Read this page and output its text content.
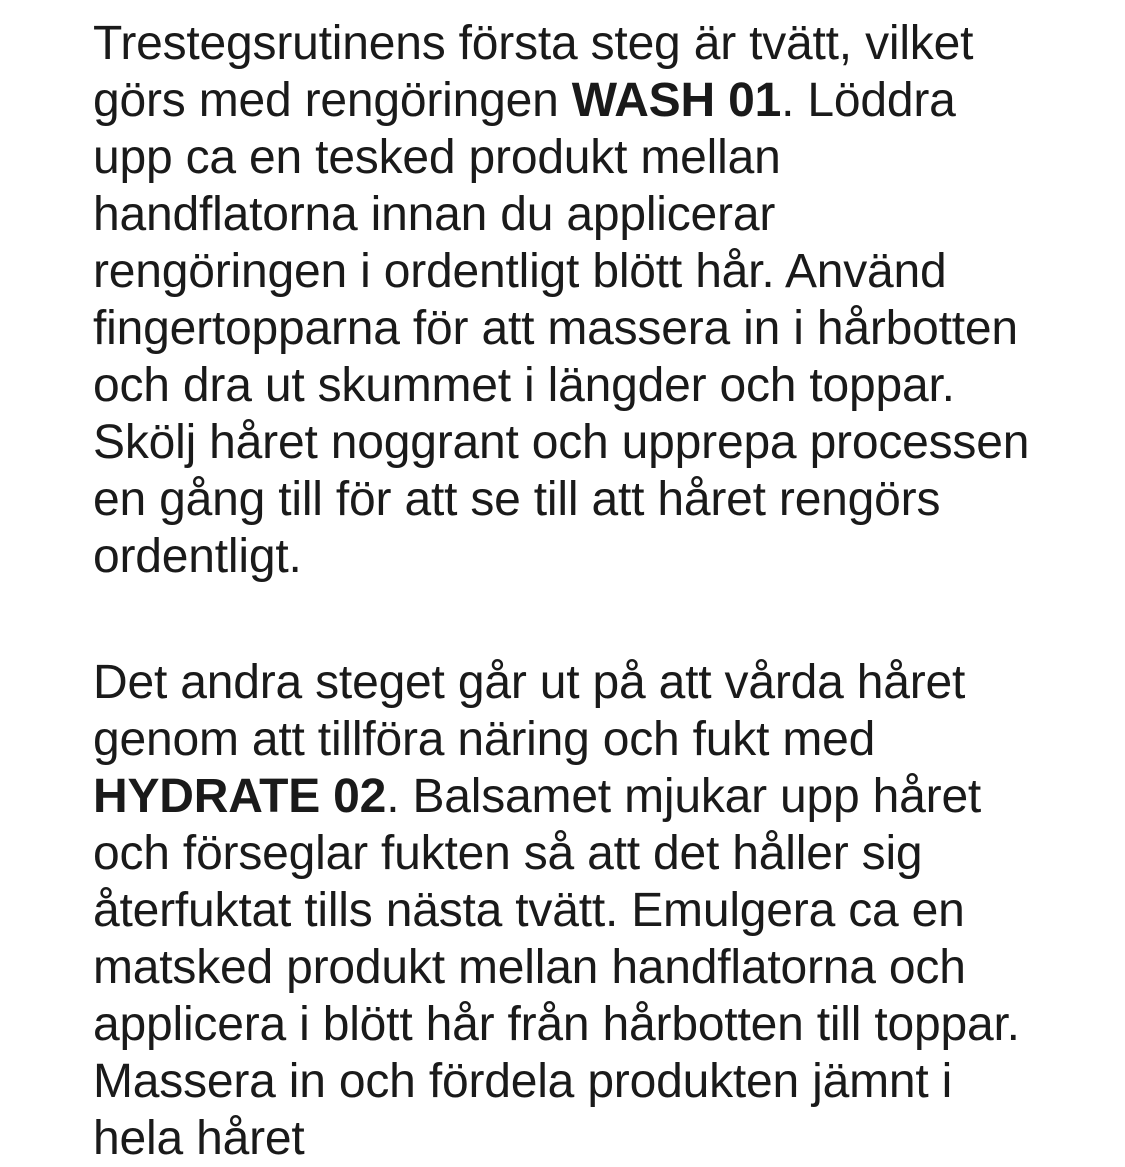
Trestegsrutinens första steg är tvätt, vilket
görs med rengöringen WASH 01. Löddra
upp ca en tesked produkt mellan
handflatorna innan du applicerar
rengöringen i ordentligt blött hår. Använd
fingertopparna för att massera in i hårbotten
och dra ut skummet i längder och toppar.
Skölj håret noggrant och upprepa processen
en gång till för att se till att håret rengörs
ordentligt.

Det andra steget går ut på att vårda håret
genom att tillföra näring och fukt med
HYDRATE 02. Balsamet mjukar upp håret
och förseglar fukten så att det håller sig
återfuktat tills nästa tvätt. Emulgera ca en
matsked produkt mellan handflatorna och
applicera i blött hår från hårbotten till toppar.
Massera in och fördela produkten jämnt i
hela håret
